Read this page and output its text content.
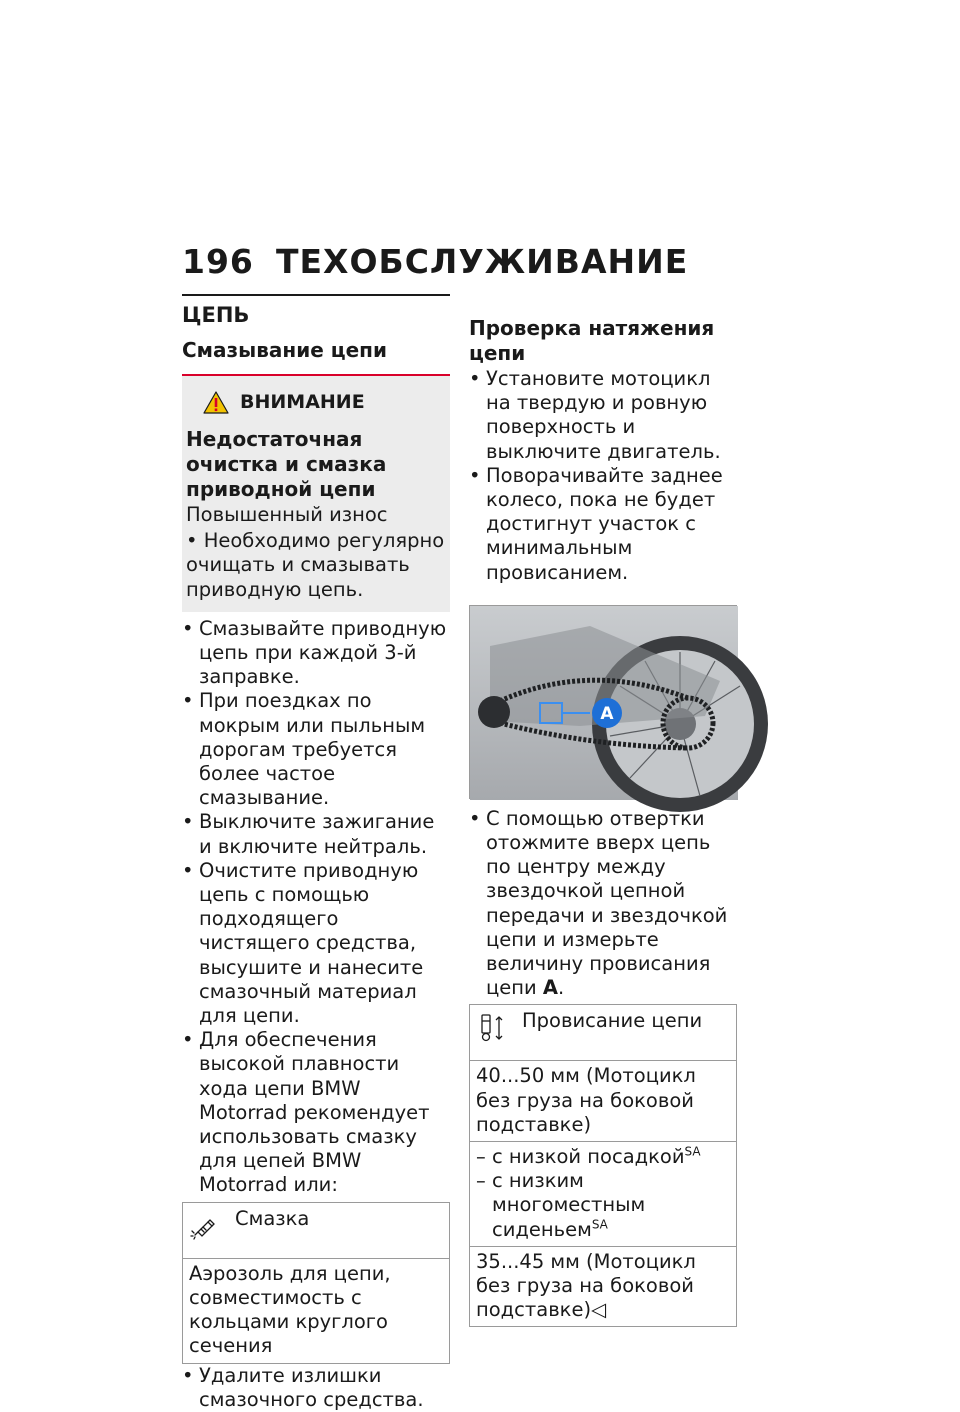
196 ТЕХОБСЛУЖИВАНИЕ
ЦЕПЬ
Смазывание цепи
ВНИМАНИЕ
Недостаточная очистка и смазка приводной цепи
Повышенный износ
• Необходимо регулярно очищать и смазывать приводную цепь.
• Смазывайте приводную цепь при каждой 3-й заправке.
• При поездках по мокрым или пыльным дорогам требуется более частое смазывание.
• Выключите зажигание и включите нейтраль.
• Очистите приводную цепь с помощью подходящего чистящего средства, высушите и нанесите смазочный материал для цепи.
• Для обеспечения высокой плавности хода цепи BMW Motorrad рекомендует использовать смазку для цепей BMW Motorrad или:
Смазка
Аэрозоль для цепи, совместимость с кольцами круглого сечения
• Удалите излишки смазочного средства.
Проверка натяжения цепи
• Установите мотоцикл на твердую и ровную поверхность и выключите двигатель.
• Поворачивайте заднее колесо, пока не будет достигнут участок с минимальным провисанием.
A
• С помощью отвертки отожмите вверх цепь по центру между звездочкой цепной передачи и звездочкой цепи и измерьте величину провисания цепи A.
Провисание цепи
40...50 мм (Мотоцикл без груза на боковой подставке)
– с низкой посадкой$^{SA}$
– с низким многоместным сиденьем$^{SA}$
35...45 мм (Мотоцикл без груза на боковой подставке)◁
